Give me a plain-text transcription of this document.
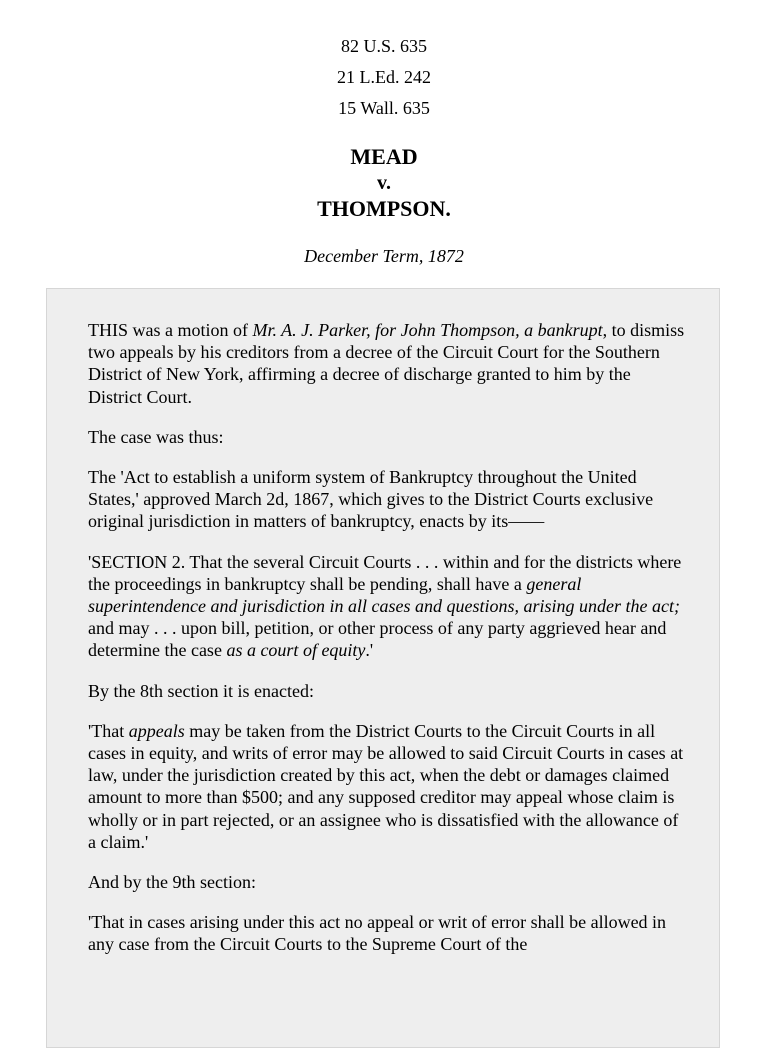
82 U.S. 635
21 L.Ed. 242
15 Wall. 635
MEAD
v.
THOMPSON.
December Term, 1872

THIS was a motion of Mr. A. J. Parker, for John Thompson, a bankrupt, to dismiss two appeals by his creditors from a decree of the Circuit Court for the Southern District of New York, affirming a decree of discharge granted to him by the District Court.

The case was thus:

The 'Act to establish a uniform system of Bankruptcy throughout the United States,' approved March 2d, 1867, which gives to the District Courts exclusive original jurisdiction in matters of bankruptcy, enacts by its——

'SECTION 2. That the several Circuit Courts . . . within and for the districts where the proceedings in bankruptcy shall be pending, shall have a general superintendence and jurisdiction in all cases and questions, arising under the act; and may . . . upon bill, petition, or other process of any party aggrieved hear and determine the case as a court of equity.'

By the 8th section it is enacted:

'That appeals may be taken from the District Courts to the Circuit Courts in all cases in equity, and writs of error may be allowed to said Circuit Courts in cases at law, under the jurisdiction created by this act, when the debt or damages claimed amount to more than $500; and any supposed creditor may appeal whose claim is wholly or in part rejected, or an assignee who is dissatisfied with the allowance of a claim.'

And by the 9th section:

'That in cases arising under this act no appeal or writ of error shall be allowed in any case from the Circuit Courts to the Supreme Court of the
